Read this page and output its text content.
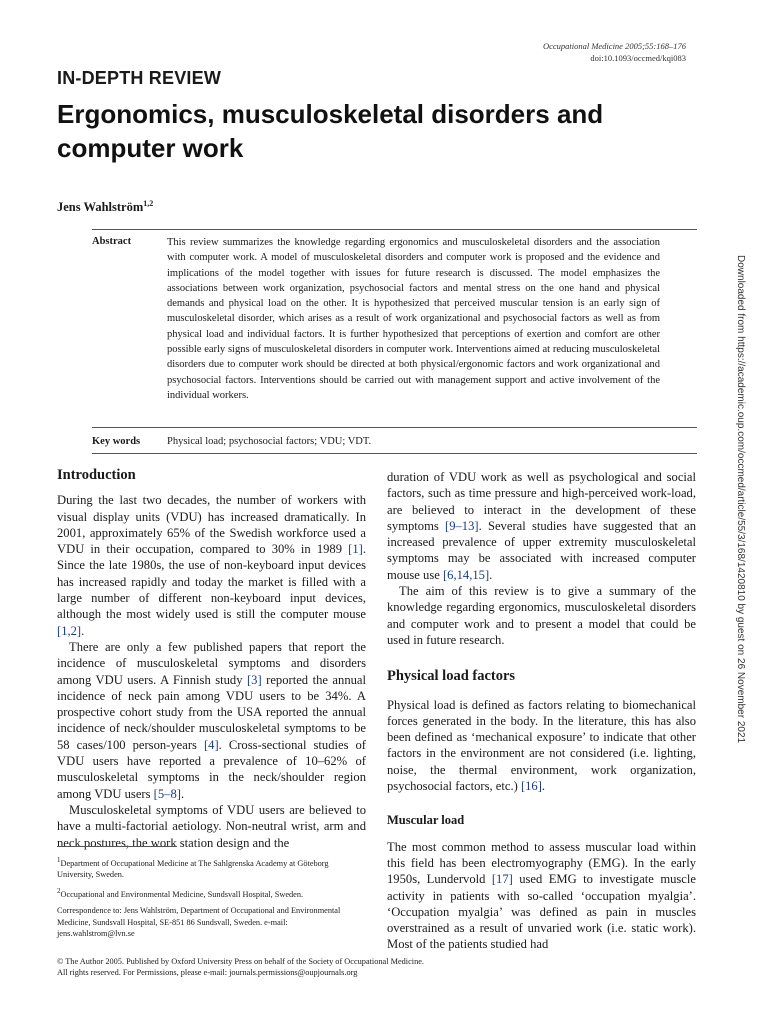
Occupational Medicine 2005;55:168–176
doi:10.1093/occmed/kqi083
IN-DEPTH REVIEW
Ergonomics, musculoskeletal disorders and
computer work
Jens Wahlström$^{1,2}$
Abstract	This review summarizes the knowledge regarding ergonomics and musculoskeletal disorders and the association with computer work. A model of musculoskeletal disorders and computer work is proposed and the evidence and implications of the model together with issues for future research is discussed. The model emphasizes the associations between work organization, psychosocial factors and mental stress on the one hand and physical demands and physical load on the other. It is hypothesized that perceived muscular tension is an early sign of musculoskeletal disorder, which arises as a result of work organizational and psychosocial factors as well as from physical load and individual factors. It is further hypothesized that perceptions of exertion and comfort are other possible early signs of musculoskeletal disorders in computer work. Interventions aimed at reducing musculoskeletal disorders due to computer work should be directed at both physical/ergonomic factors and work organizational and psychosocial factors. Interventions should be carried out with management support and active involvement of the individual workers.
Key words	Physical load; psychosocial factors; VDU; VDT.
Introduction

During the last two decades, the number of workers with visual display units (VDU) has increased dramatically. In 2001, approximately 65% of the Swedish workforce used a VDU in their occupation, compared to 30% in 1989 [1]. Since the late 1980s, the use of non-keyboard input devices has increased rapidly and today the market is filled with a large number of different non-keyboard input devices, although the most widely used is still the computer mouse [1,2].

There are only a few published papers that report the incidence of musculoskeletal symptoms and disorders among VDU users. A Finnish study [3] reported the annual incidence of neck pain among VDU users to be 34%. A prospective cohort study from the USA reported the annual incidence of neck/shoulder musculoskeletal symptoms to be 58 cases/100 person-years [4]. Cross-sectional studies of VDU users have reported a prevalence of 10–62% of musculoskeletal symptoms in the neck/shoulder region among VDU users [5–8].

Musculoskeletal symptoms of VDU users are believed to have a multi-factorial aetiology. Non-neutral wrist, arm and neck postures, the work station design and the

$^1$Department of Occupational Medicine at The Sahlgrenska Academy at Göteborg University, Sweden.

$^2$Occupational and Environmental Medicine, Sundsvall Hospital, Sweden.

Correspondence to: Jens Wahlström, Department of Occupational and Environmental Medicine, Sundsvall Hospital, SE-851 86 Sundsvall, Sweden. e-mail: jens.wahlstrom@lvn.se

duration of VDU work as well as psychological and social factors, such as time pressure and high-perceived work-load, are believed to interact in the development of these symptoms [9–13]. Several studies have suggested that an increased prevalence of upper extremity musculoskeletal symptoms may be associated with increased computer mouse use [6,14,15].

The aim of this review is to give a summary of the knowledge regarding ergonomics, musculoskeletal disorders and computer work and to present a model that could be used in future research.

Physical load factors

Physical load is defined as factors relating to biomechanical forces generated in the body. In the literature, this has also been defined as ‘mechanical exposure’ to indicate that other factors in the environment are not considered (i.e. lighting, noise, the thermal environment, work organization, psychosocial factors, etc.) [16].

Muscular load

The most common method to assess muscular load within this field has been electromyography (EMG). In the early 1950s, Lundervold [17] used EMG to investigate muscle activity in patients with so-called ‘occupation myalgia’. ‘Occupation myalgia’ was defined as pain in muscles overstrained as a result of unvaried work (i.e. static work). Most of the patients studied had

© The Author 2005. Published by Oxford University Press on behalf of the Society of Occupational Medicine.
All rights reserved. For Permissions, please e-mail: journals.permissions@oupjournals.org
Downloaded from https://academic.oup.com/occmed/article/55/3/168/1420810 by guest on 26 November 2021
